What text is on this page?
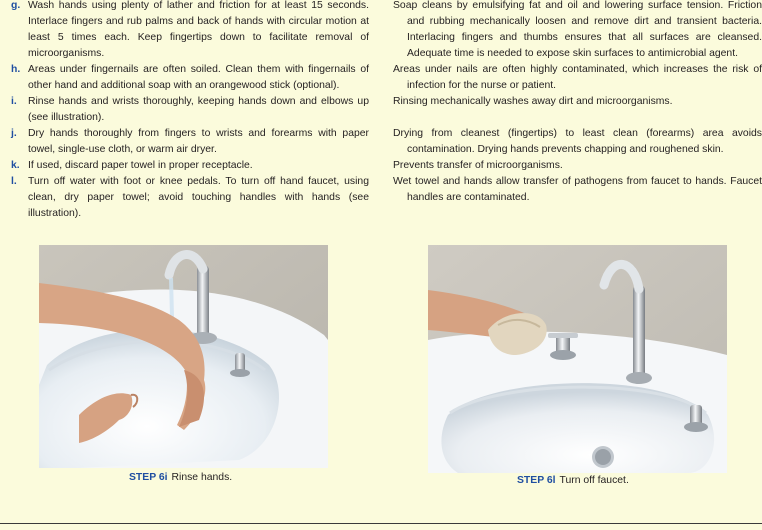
g. Wash hands using plenty of lather and friction for at least 15 seconds. Interlace fingers and rub palms and back of hands with circular motion at least 5 times each. Keep fingertips down to facilitate removal of microorganisms.
h. Areas under fingernails are often soiled. Clean them with fingernails of other hand and additional soap with an orangewood stick (optional).
i. Rinse hands and wrists thoroughly, keeping hands down and elbows up (see illustration).
j. Dry hands thoroughly from fingers to wrists and forearms with paper towel, single-use cloth, or warm air dryer.
k. If used, discard paper towel in proper receptacle.
l. Turn off water with foot or knee pedals. To turn off hand faucet, using clean, dry paper towel; avoid touching handles with hands (see illustration).
Soap cleans by emulsifying fat and oil and lowering surface tension. Friction and rubbing mechanically loosen and remove dirt and transient bacteria. Interlacing fingers and thumbs ensures that all surfaces are cleansed. Adequate time is needed to expose skin surfaces to antimicrobial agent.
Areas under nails are often highly contaminated, which increases the risk of infection for the nurse or patient.
Rinsing mechanically washes away dirt and microorganisms.
Drying from cleanest (fingertips) to least clean (forearms) area avoids contamination. Drying hands prevents chapping and roughened skin.
Prevents transfer of microorganisms.
Wet towel and hands allow transfer of pathogens from faucet to hands. Faucet handles are contaminated.
STEP 6i Rinse hands.	STEP 6l Turn off faucet.
